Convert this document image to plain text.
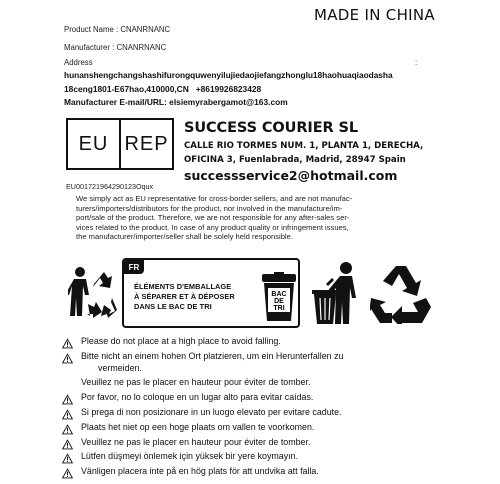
MADE IN CHINA
Product Name : CNANRNANC
Manufacturer : CNANRNANC
Address	:
hunanshengchangshashifurongquwenyilujiedaojiefangzhonglu18haohuaqiaodasha
18ceng1801-E67hao,410000,CN   +8619926823428
Manufacturer E-mail/URL: elsiemyrabergamot@163.com
EU REP
SUCCESS COURIER SL
CALLE RIO TORMES NUM. 1, PLANTA 1, DERECHA,
OFICINA 3, Fuenlabrada, Madrid, 28947 Spain
successservice2@hotmail.com
EU001721964290123Oqux
We simply act as EU representative for cross-border sellers, and are not manufac-
turers/importers/distributors for the product, nor involved in the manufacture/im-
port/sale of the product. Therefore, we are not responsible for any after-sales ser-
vices related to the product. In case of any product quality or infringement issues,
the manufacturer/importer/seller shall be solely held responsible.
FR
ÉLÉMENTS D'EMBALLAGE
À SÉPARER ET À DÉPOSER
DANS LE BAC DE TRI
BAC
DE
TRI
Please do not place at a high place to avoid falling.
Bitte nicht an einem hohen Ort platzieren, um ein Herunterfallen zu
vermeiden.
Veuillez ne pas le placer en hauteur pour éviter de tomber.
Por favor, no lo coloque en un lugar alto para evitar caídas.
Si prega di non posizionare in un luogo elevato per evitare cadute.
Plaats het niet op een hoge plaats om vallen te voorkomen.
Veuillez ne pas le placer en hauteur pour éviter de tomber.
Lütfen düşmeyi önlemek için yüksek bir yere koymayın.
Vänligen placera inte på en hög plats för att undvika att falla.
